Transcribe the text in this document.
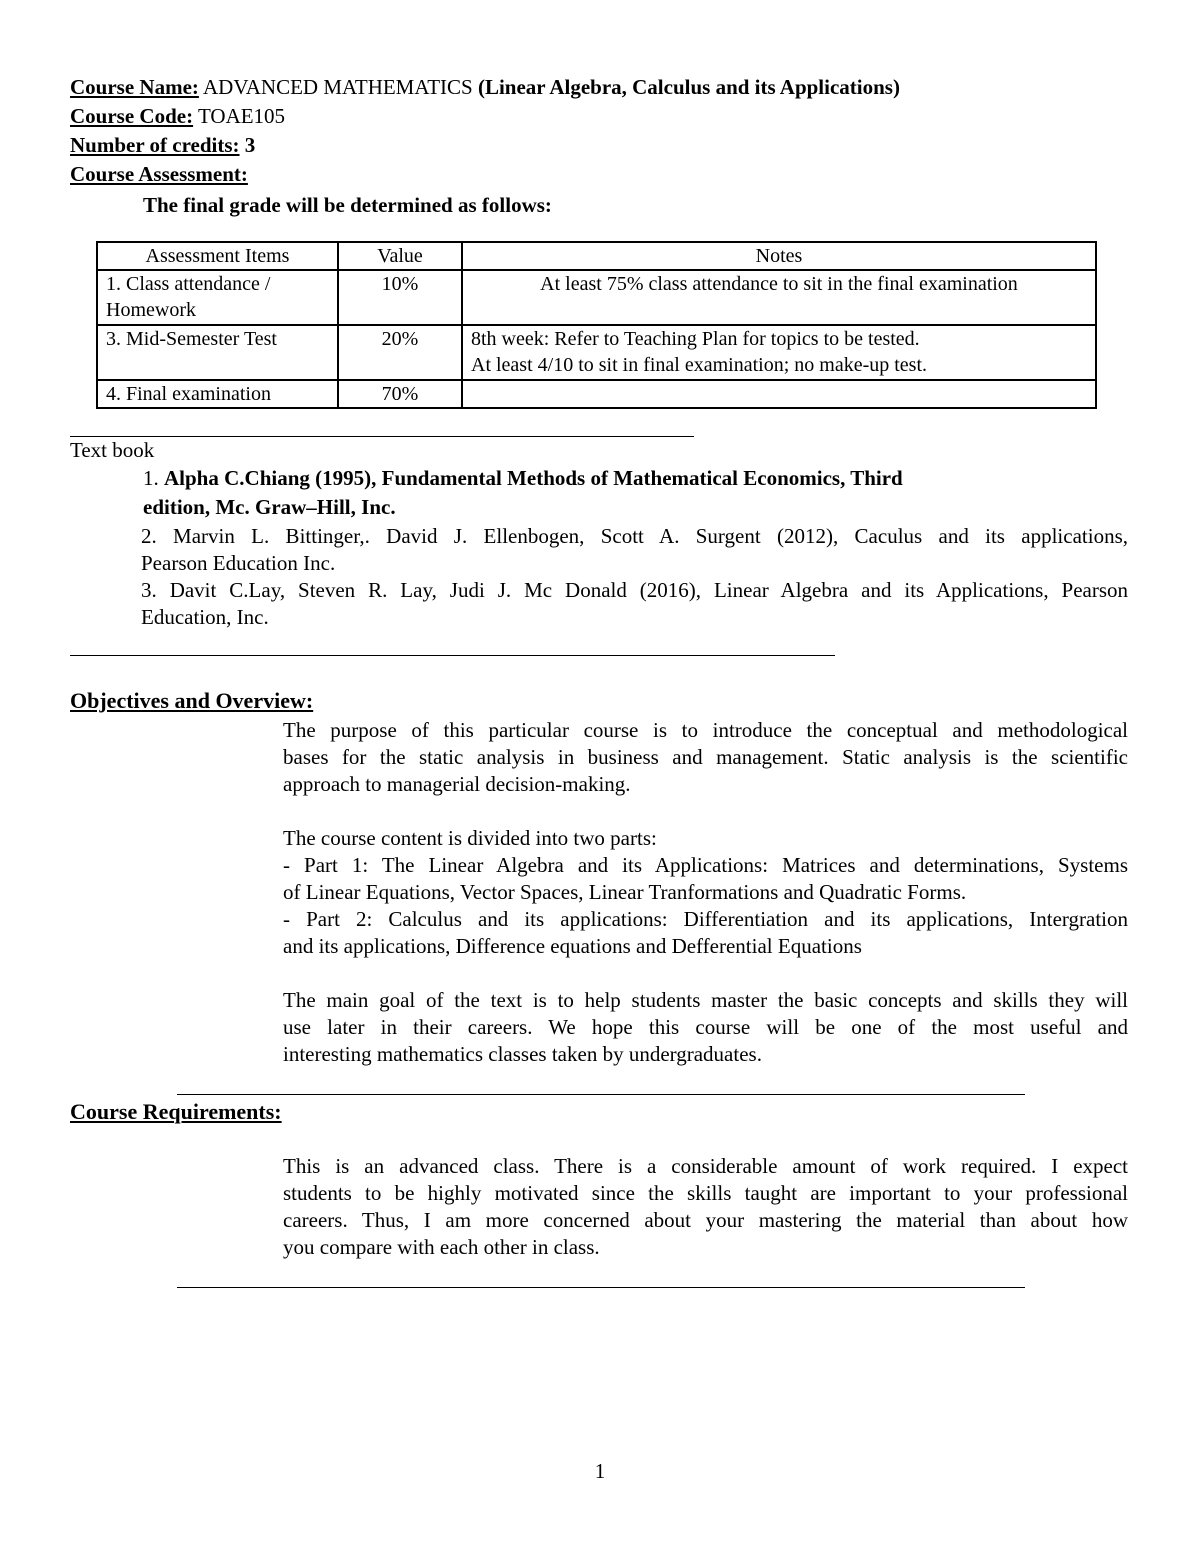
Course Name: ADVANCED MATHEMATICS (Linear Algebra, Calculus and its Applications)
Course Code: TOAE105
Number of credits: 3
Course Assessment:
The final grade will be determined as follows:
Assessment Items	Value	Notes

1. Class attendance /
Homework	10%	At least 75% class attendance to sit in the final examination

3. Mid-Semester Test	20%	8th week: Refer to Teaching Plan for topics to be tested.
At least 4/10 to sit in final examination; no make-up test.

4. Final examination	70%	
Text book
1. Alpha C.Chiang (1995), Fundamental Methods of Mathematical Economics, Third
edition, Mc. Graw–Hill, Inc.
2. Marvin L. Bittinger,. David J. Ellenbogen, Scott A. Surgent (2012), Caculus and its applications,
Pearson Education Inc.
3. Davit C.Lay, Steven R. Lay, Judi J. Mc Donald (2016), Linear Algebra and its Applications, Pearson
Education, Inc.
Objectives and Overview:
The purpose of this particular course is to introduce the conceptual and methodological
bases for the static analysis in business and management. Static analysis is the scientific
approach to managerial decision-making.
The course content is divided into two parts:
- Part 1: The Linear Algebra and its Applications: Matrices and determinations, Systems
of Linear Equations, Vector Spaces, Linear Tranformations and Quadratic Forms.
- Part 2: Calculus and its applications: Differentiation and its applications, Intergration
and its applications, Difference equations and Defferential Equations
The main goal of the text is to help students master the basic concepts and skills they will
use later in their careers. We hope this course will be one of the most useful and
interesting mathematics classes taken by undergraduates.
Course Requirements:
This is an advanced class. There is a considerable amount of work required. I expect
students to be highly motivated since the skills taught are important to your professional
careers. Thus, I am more concerned about your mastering the material than about how
you compare with each other in class.
1
